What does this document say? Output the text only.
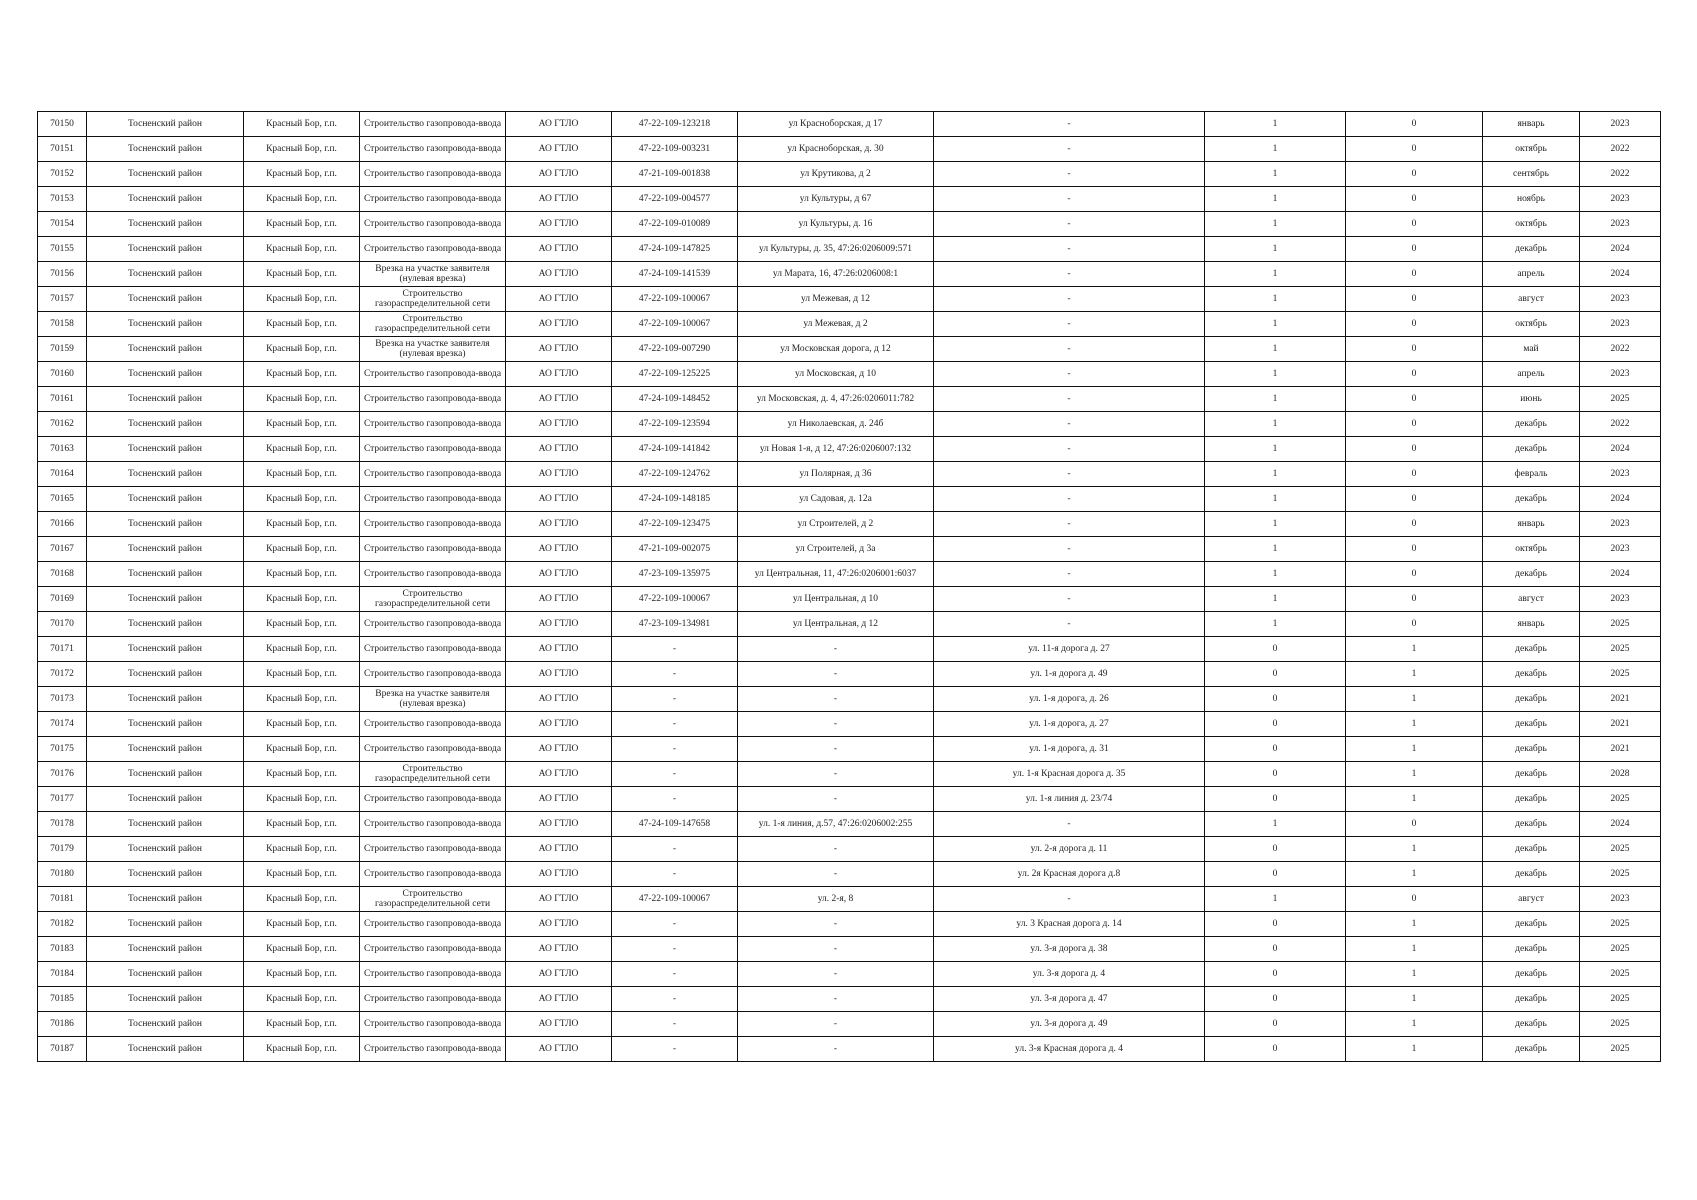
70150	Тосненский район	Красный Бор, г.п.	Строительство газопровода-ввода	АО ГТЛО	47-22-109-123218	ул Красноборская, д 17	-	1	0	январь	2023
70151	Тосненский район	Красный Бор, г.п.	Строительство газопровода-ввода	АО ГТЛО	47-22-109-003231	ул Красноборская, д. 30	-	1	0	октябрь	2022
70152	Тосненский район	Красный Бор, г.п.	Строительство газопровода-ввода	АО ГТЛО	47-21-109-001838	ул Крутикова, д 2	-	1	0	сентябрь	2022
70153	Тосненский район	Красный Бор, г.п.	Строительство газопровода-ввода	АО ГТЛО	47-22-109-004577	ул Культуры, д 67	-	1	0	ноябрь	2023
70154	Тосненский район	Красный Бор, г.п.	Строительство газопровода-ввода	АО ГТЛО	47-22-109-010089	ул Культуры, д. 16	-	1	0	октябрь	2023
70155	Тосненский район	Красный Бор, г.п.	Строительство газопровода-ввода	АО ГТЛО	47-24-109-147825	ул Культуры, д. 35, 47:26:0206009:571	-	1	0	декабрь	2024
70156	Тосненский район	Красный Бор, г.п.	Врезка на участке заявителя (нулевая врезка)	АО ГТЛО	47-24-109-141539	ул Марата, 16, 47:26:0206008:1	-	1	0	апрель	2024
70157	Тосненский район	Красный Бор, г.п.	Строительство газораспределительной сети	АО ГТЛО	47-22-109-100067	ул Межевая, д 12	-	1	0	август	2023
70158	Тосненский район	Красный Бор, г.п.	Строительство газораспределительной сети	АО ГТЛО	47-22-109-100067	ул Межевая, д 2	-	1	0	октябрь	2023
70159	Тосненский район	Красный Бор, г.п.	Врезка на участке заявителя (нулевая врезка)	АО ГТЛО	47-22-109-007290	ул Московская дорога, д 12	-	1	0	май	2022
70160	Тосненский район	Красный Бор, г.п.	Строительство газопровода-ввода	АО ГТЛО	47-22-109-125225	ул Московская, д 10	-	1	0	апрель	2023
70161	Тосненский район	Красный Бор, г.п.	Строительство газопровода-ввода	АО ГТЛО	47-24-109-148452	ул Московская, д. 4, 47:26:0206011:782	-	1	0	июнь	2025
70162	Тосненский район	Красный Бор, г.п.	Строительство газопровода-ввода	АО ГТЛО	47-22-109-123594	ул Николаевская, д. 24б	-	1	0	декабрь	2022
70163	Тосненский район	Красный Бор, г.п.	Строительство газопровода-ввода	АО ГТЛО	47-24-109-141842	ул Новая 1-я, д 12, 47:26:0206007:132	-	1	0	декабрь	2024
70164	Тосненский район	Красный Бор, г.п.	Строительство газопровода-ввода	АО ГТЛО	47-22-109-124762	ул Полярная, д 36	-	1	0	февраль	2023
70165	Тосненский район	Красный Бор, г.п.	Строительство газопровода-ввода	АО ГТЛО	47-24-109-148185	ул Садовая, д. 12а	-	1	0	декабрь	2024
70166	Тосненский район	Красный Бор, г.п.	Строительство газопровода-ввода	АО ГТЛО	47-22-109-123475	ул Строителей, д 2	-	1	0	январь	2023
70167	Тосненский район	Красный Бор, г.п.	Строительство газопровода-ввода	АО ГТЛО	47-21-109-002075	ул Строителей, д 3а	-	1	0	октябрь	2023
70168	Тосненский район	Красный Бор, г.п.	Строительство газопровода-ввода	АО ГТЛО	47-23-109-135975	ул Центральная, 11, 47:26:0206001:6037	-	1	0	декабрь	2024
70169	Тосненский район	Красный Бор, г.п.	Строительство газораспределительной сети	АО ГТЛО	47-22-109-100067	ул Центральная, д 10	-	1	0	август	2023
70170	Тосненский район	Красный Бор, г.п.	Строительство газопровода-ввода	АО ГТЛО	47-23-109-134981	ул Центральная, д 12	-	1	0	январь	2025
70171	Тосненский район	Красный Бор, г.п.	Строительство газопровода-ввода	АО ГТЛО	-	-	ул. 11-я дорога д. 27	0	1	декабрь	2025
70172	Тосненский район	Красный Бор, г.п.	Строительство газопровода-ввода	АО ГТЛО	-	-	ул. 1-я дорога д. 49	0	1	декабрь	2025
70173	Тосненский район	Красный Бор, г.п.	Врезка на участке заявителя (нулевая врезка)	АО ГТЛО	-	-	ул. 1-я дорога, д. 26	0	1	декабрь	2021
70174	Тосненский район	Красный Бор, г.п.	Строительство газопровода-ввода	АО ГТЛО	-	-	ул. 1-я дорога, д. 27	0	1	декабрь	2021
70175	Тосненский район	Красный Бор, г.п.	Строительство газопровода-ввода	АО ГТЛО	-	-	ул. 1-я дорога, д. 31	0	1	декабрь	2021
70176	Тосненский район	Красный Бор, г.п.	Строительство газораспределительной сети	АО ГТЛО	-	-	ул. 1-я Красная дорога д. 35	0	1	декабрь	2028
70177	Тосненский район	Красный Бор, г.п.	Строительство газопровода-ввода	АО ГТЛО	-	-	ул. 1-я линия д. 23/74	0	1	декабрь	2025
70178	Тосненский район	Красный Бор, г.п.	Строительство газопровода-ввода	АО ГТЛО	47-24-109-147658	ул. 1-я линия, д.57, 47:26:0206002:255	-	1	0	декабрь	2024
70179	Тосненский район	Красный Бор, г.п.	Строительство газопровода-ввода	АО ГТЛО	-	-	ул. 2-я дорога д. 11	0	1	декабрь	2025
70180	Тосненский район	Красный Бор, г.п.	Строительство газопровода-ввода	АО ГТЛО	-	-	ул. 2я Красная дорога д.8	0	1	декабрь	2025
70181	Тосненский район	Красный Бор, г.п.	Строительство газораспределительной сети	АО ГТЛО	47-22-109-100067	ул. 2-я, 8	-	1	0	август	2023
70182	Тосненский район	Красный Бор, г.п.	Строительство газопровода-ввода	АО ГТЛО	-	-	ул. 3 Красная дорога д. 14	0	1	декабрь	2025
70183	Тосненский район	Красный Бор, г.п.	Строительство газопровода-ввода	АО ГТЛО	-	-	ул. 3-я дорога д. 38	0	1	декабрь	2025
70184	Тосненский район	Красный Бор, г.п.	Строительство газопровода-ввода	АО ГТЛО	-	-	ул. 3-я дорога д. 4	0	1	декабрь	2025
70185	Тосненский район	Красный Бор, г.п.	Строительство газопровода-ввода	АО ГТЛО	-	-	ул. 3-я дорога д. 47	0	1	декабрь	2025
70186	Тосненский район	Красный Бор, г.п.	Строительство газопровода-ввода	АО ГТЛО	-	-	ул. 3-я дорога д. 49	0	1	декабрь	2025
70187	Тосненский район	Красный Бор, г.п.	Строительство газопровода-ввода	АО ГТЛО	-	-	ул. 3-я Красная дорога д. 4	0	1	декабрь	2025
